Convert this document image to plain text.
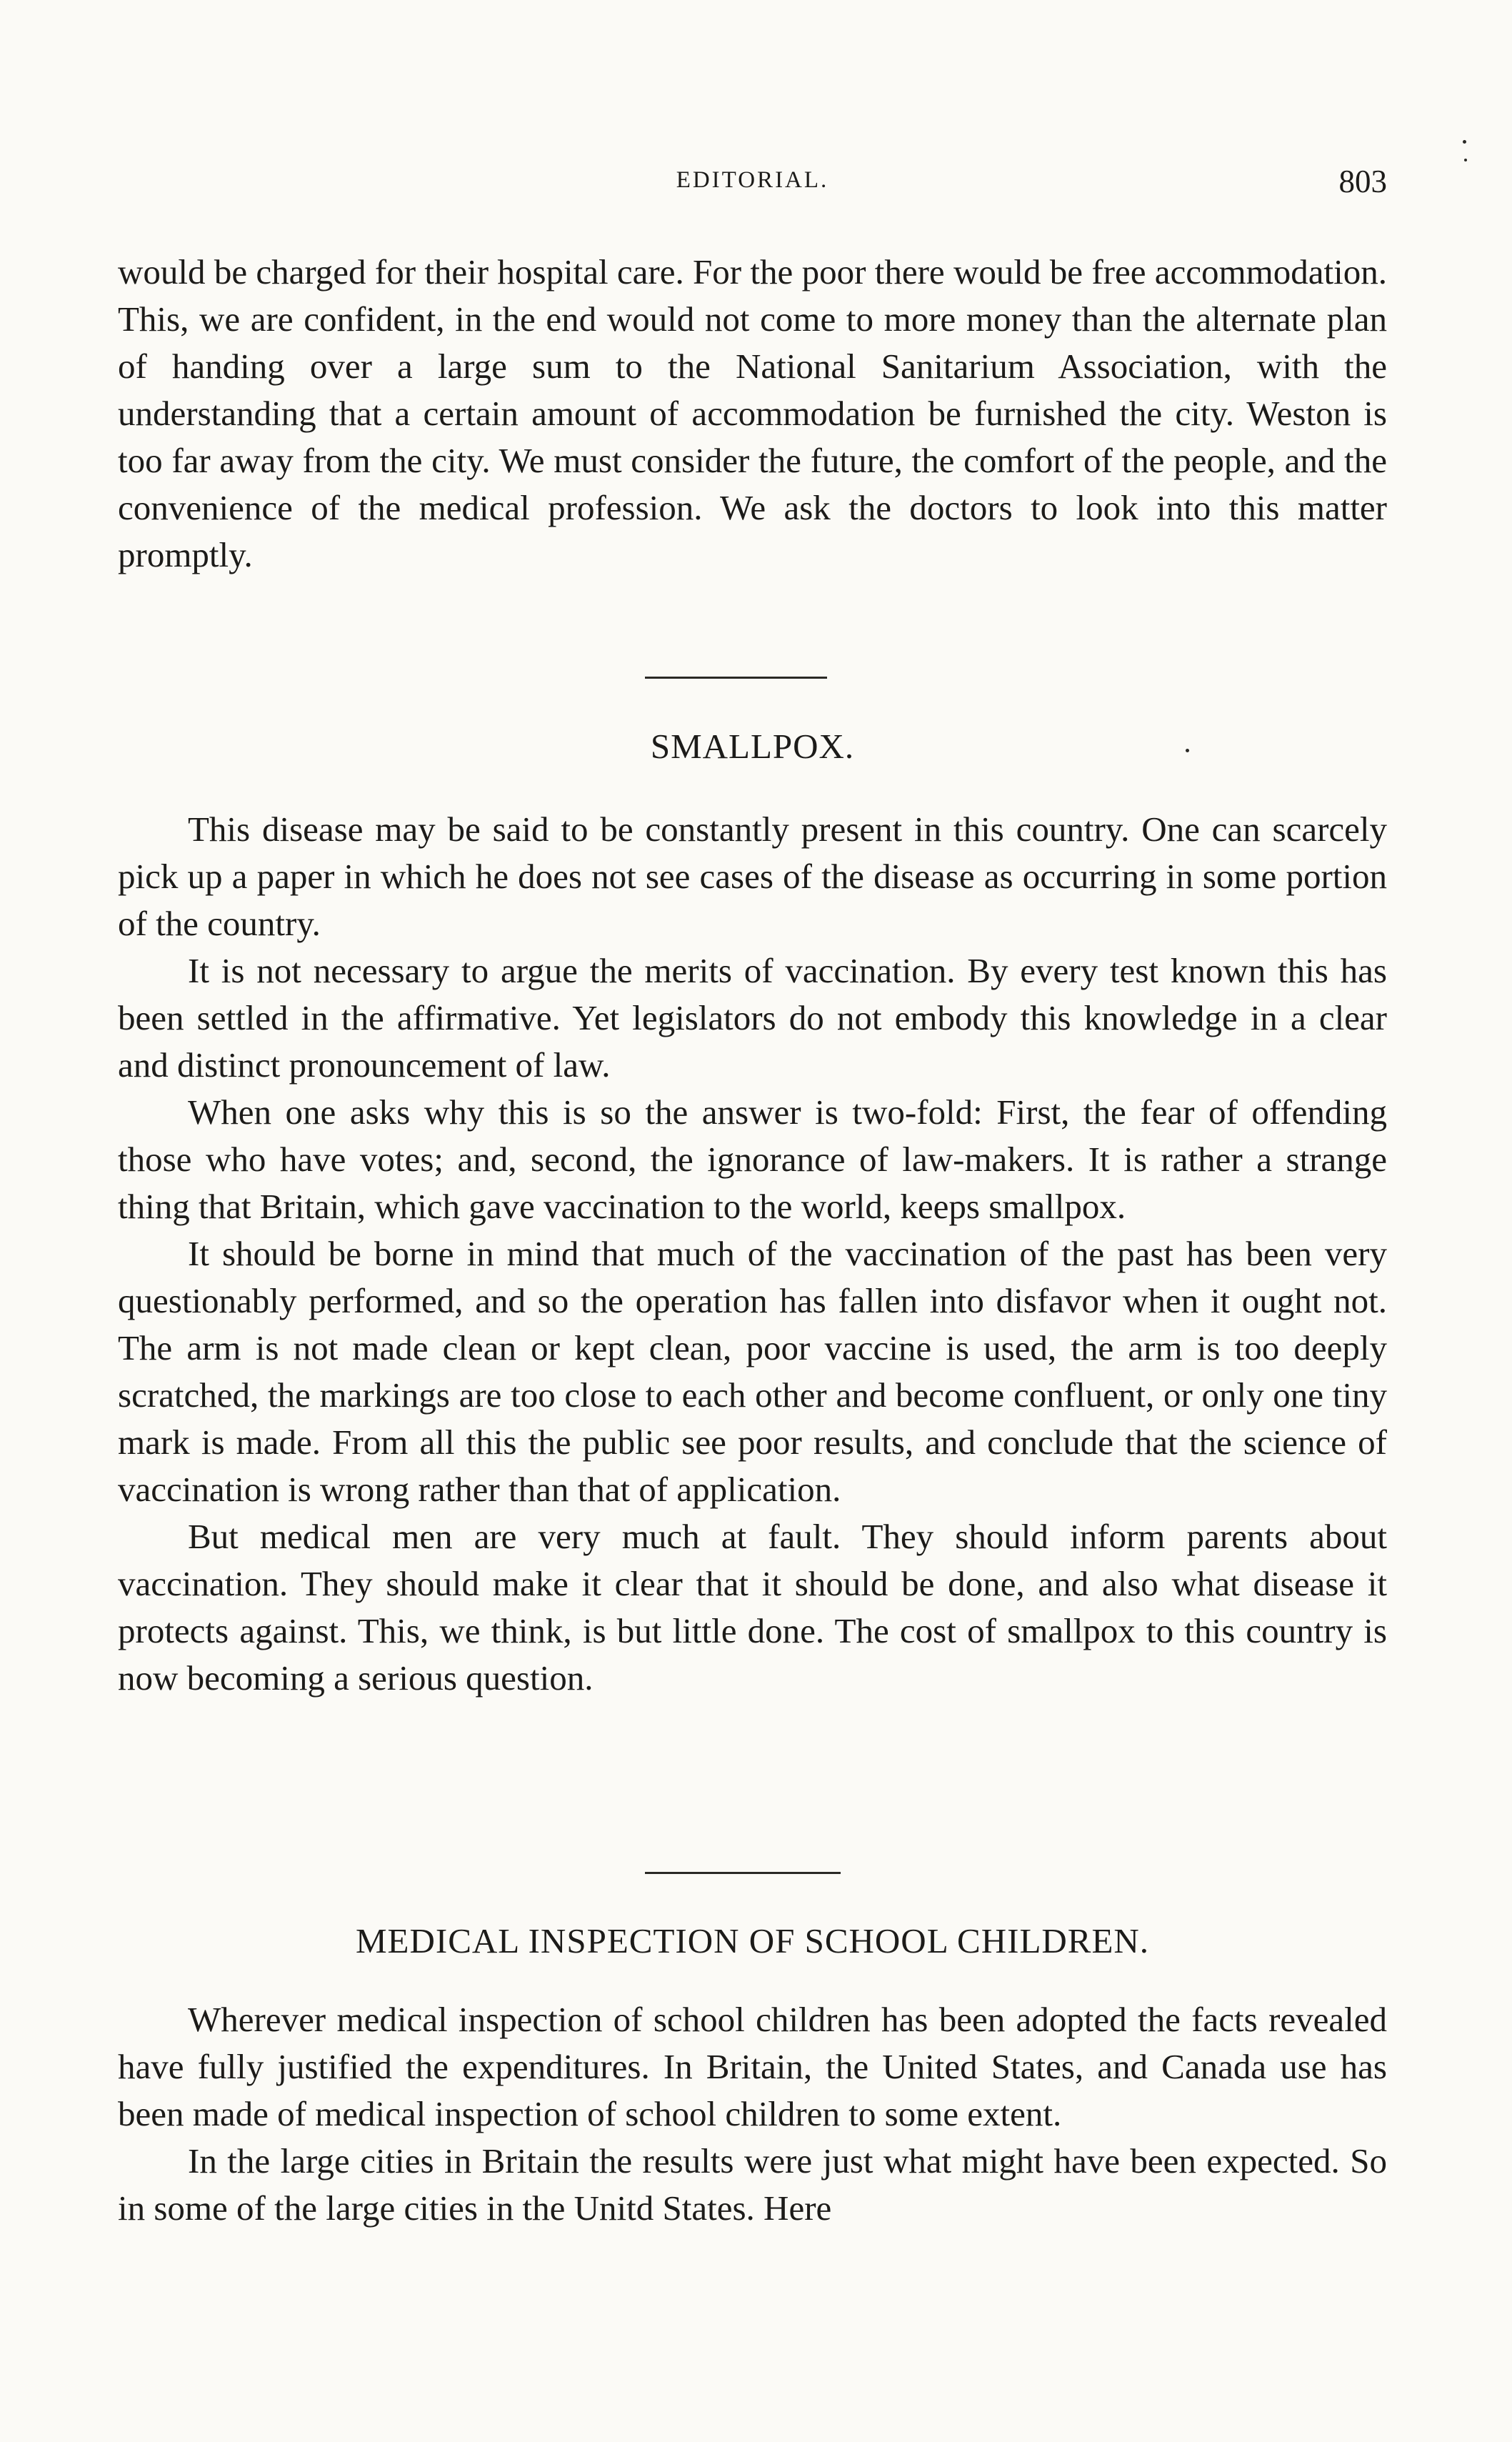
EDITORIAL.	803

would be charged for their hospital care. For the poor there would be free accommodation. This, we are confident, in the end would not come to more money than the alternate plan of handing over a large sum to the National Sanitarium Association, with the understanding that a certain amount of accommodation be furnished the city. Weston is too far away from the city. We must consider the future, the comfort of the people, and the convenience of the medical profession. We ask the doctors to look into this matter promptly.

SMALLPOX.

This disease may be said to be constantly present in this country. One can scarcely pick up a paper in which he does not see cases of the disease as occurring in some portion of the country.

It is not necessary to argue the merits of vaccination. By every test known this has been settled in the affirmative. Yet legislators do not embody this knowledge in a clear and distinct pronouncement of law.

When one asks why this is so the answer is two-fold: First, the fear of offending those who have votes; and, second, the ignorance of law-makers. It is rather a strange thing that Britain, which gave vaccination to the world, keeps smallpox.

It should be borne in mind that much of the vaccination of the past has been very questionably performed, and so the operation has fallen into disfavor when it ought not. The arm is not made clean or kept clean, poor vaccine is used, the arm is too deeply scratched, the markings are too close to each other and become confluent, or only one tiny mark is made. From all this the public see poor results, and conclude that the science of vaccination is wrong rather than that of application.

But medical men are very much at fault. They should inform parents about vaccination. They should make it clear that it should be done, and also what disease it protects against. This, we think, is but little done. The cost of smallpox to this country is now becoming a serious question.

MEDICAL INSPECTION OF SCHOOL CHILDREN.

Wherever medical inspection of school children has been adopted the facts revealed have fully justified the expenditures. In Britain, the United States, and Canada use has been made of medical inspection of school children to some extent.

In the large cities in Britain the results were just what might have been expected. So in some of the large cities in the Unitd States. Here
